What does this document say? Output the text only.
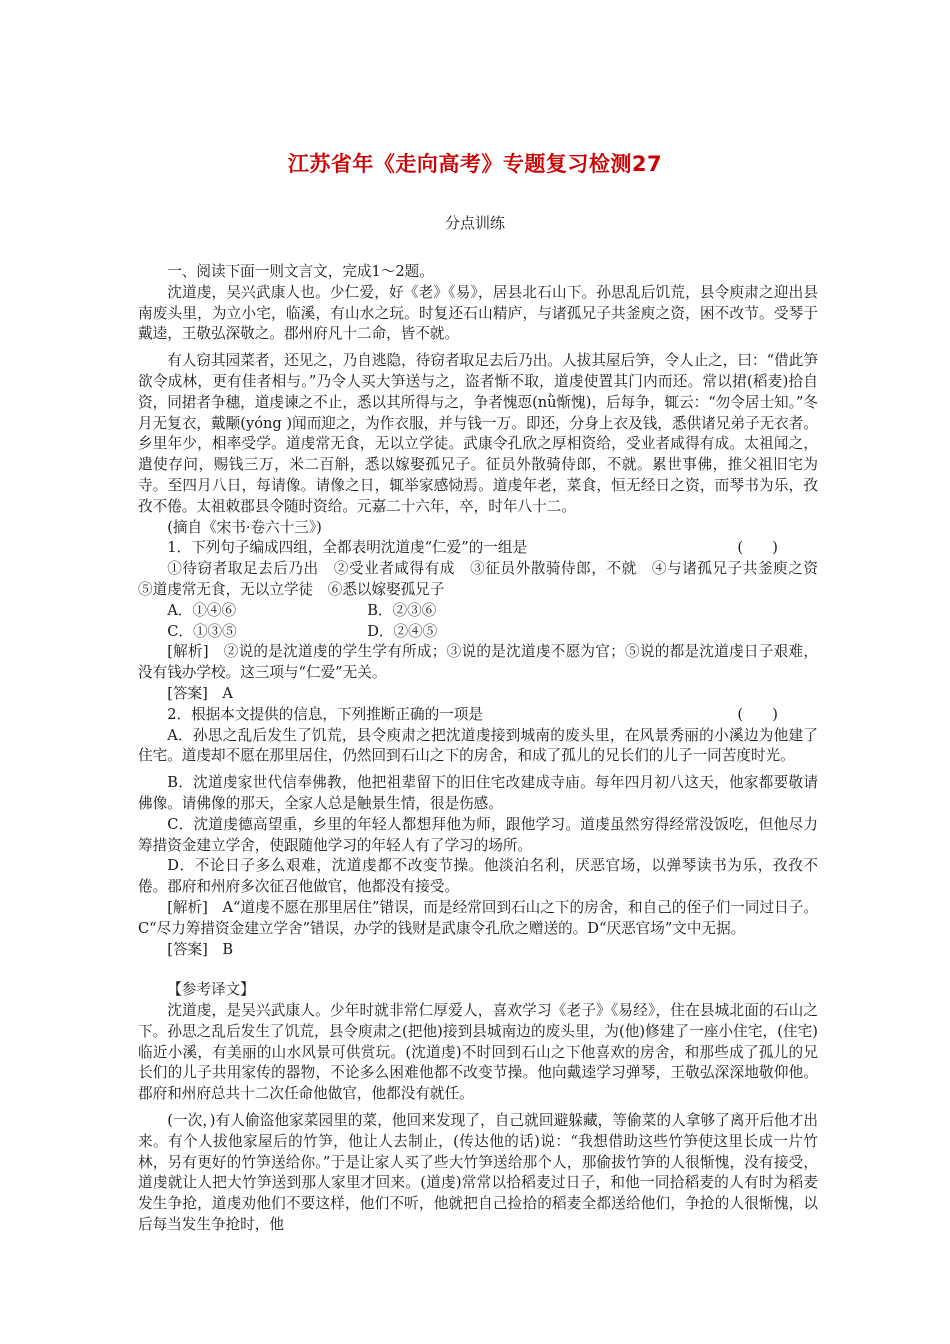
江苏省年《走向高考》专题复习检测27
分点训练

一、阅读下面一则文言文，完成1～2题。

沈道虔，吴兴武康人也。少仁爱，好《老》《易》，居县北石山下。孙思乱后饥荒，县令庾肃之迎出县南废头里，为立小宅，临溪，有山水之玩。时复还石山精庐，与诸孤兄子共釜庾之资，困不改节。受琴于戴逵，王敬弘深敬之。郡州府凡十二命，皆不就。

有人窃其园菜者，还见之，乃自逃隐，待窃者取足去后乃出。人拔其屋后笋，令人止之，曰：“借此笋欲令成林，更有佳者相与。”乃令人买大笋送与之，盗者惭不取，道虔使置其门内而还。常以捃(稻麦)拾自资，同捃者争穗，道虔谏之不止，悉以其所得与之，争者愧恧(nǜ惭愧)，后每争，辄云：“勿令居士知。”冬月无复衣，戴颙(yóng )闻而迎之，为作衣服，并与钱一万。即还，分身上衣及钱，悉供诸兄弟子无衣者。乡里年少，相率受学。道虔常无食，无以立学徒。武康令孔欣之厚相资给，受业者咸得有成。太祖闻之，遣使存问，赐钱三万，米二百斛，悉以嫁娶孤兄子。征员外散骑侍郎，不就。累世事佛，推父祖旧宅为寺。至四月八日，每请像。请像之日，辄举家感恸焉。道虔年老，菜食，恒无经日之资，而琴书为乐，孜孜不倦。太祖敕郡县令随时资给。元嘉二十六年，卒，时年八十二。

(摘自《宋书·卷六十三》)

1．下列句子编成四组，全都表明沈道虔“仁爱”的一组是	(　　)

①待窃者取足去后乃出　②受业者咸得有成　③征员外散骑侍郎，不就　④与诸孤兄子共釜庾之资　⑤道虔常无食，无以立学徒　⑥悉以嫁娶孤兄子

A．①④⑥	B．②③⑥
C．①③⑤	D．②④⑤

[解析]　②说的是沈道虔的学生学有所成；③说的是沈道虔不愿为官；⑤说的都是沈道虔日子艰难，没有钱办学校。这三项与“仁爱”无关。

[答案]　A

2．根据本文提供的信息，下列推断正确的一项是	(　　)

A．孙思之乱后发生了饥荒，县令庾肃之把沈道虔接到城南的废头里，在风景秀丽的小溪边为他建了住宅。道虔却不愿在那里居住，仍然回到石山之下的房舍，和成了孤儿的兄长们的儿子一同苦度时光。

B．沈道虔家世代信奉佛教，他把祖辈留下的旧住宅改建成寺庙。每年四月初八这天，他家都要敬请佛像。请佛像的那天，全家人总是触景生情，很是伤感。

C．沈道虔德高望重，乡里的年轻人都想拜他为师，跟他学习。道虔虽然穷得经常没饭吃，但他尽力筹措资金建立学舍，使跟随他学习的年轻人有了学习的场所。

D．不论日子多么艰难，沈道虔都不改变节操。他淡泊名利，厌恶官场，以弹琴读书为乐，孜孜不倦。郡府和州府多次征召他做官，他都没有接受。

[解析]　A“道虔不愿在那里居住”错误，而是经常回到石山之下的房舍，和自己的侄子们一同过日子。C“尽力筹措资金建立学舍”错误，办学的钱财是武康令孔欣之赠送的。D“厌恶官场”文中无据。

[答案]　B

【参考译文】

沈道虔，是吴兴武康人。少年时就非常仁厚爱人，喜欢学习《老子》《易经》，住在县城北面的石山之下。孙思之乱后发生了饥荒，县令庾肃之(把他)接到县城南边的废头里，为(他)修建了一座小住宅，(住宅)临近小溪，有美丽的山水风景可供赏玩。(沈道虔)不时回到石山之下他喜欢的房舍，和那些成了孤儿的兄长们的儿子共用家传的器物，不论多么困难他都不改变节操。他向戴逵学习弹琴，王敬弘深深地敬仰他。郡府和州府总共十二次任命他做官，他都没有就任。

(一次，)有人偷盗他家菜园里的菜，他回来发现了，自己就回避躲藏，等偷菜的人拿够了离开后他才出来。有个人拔他家屋后的竹笋，他让人去制止，(传达他的话)说：“我想借助这些竹笋使这里长成一片竹林，另有更好的竹笋送给你。”于是让家人买了些大竹笋送给那个人，那偷拔竹笋的人很惭愧，没有接受，道虔就让人把大竹笋送到那人家里才回来。(道虔)常常以拾稻麦过日子，和他一同拾稻麦的人有时为稻麦发生争抢，道虔劝他们不要这样，他们不听，他就把自己捡拾的稻麦全都送给他们，争抢的人很惭愧，以后每当发生争抢时，他
